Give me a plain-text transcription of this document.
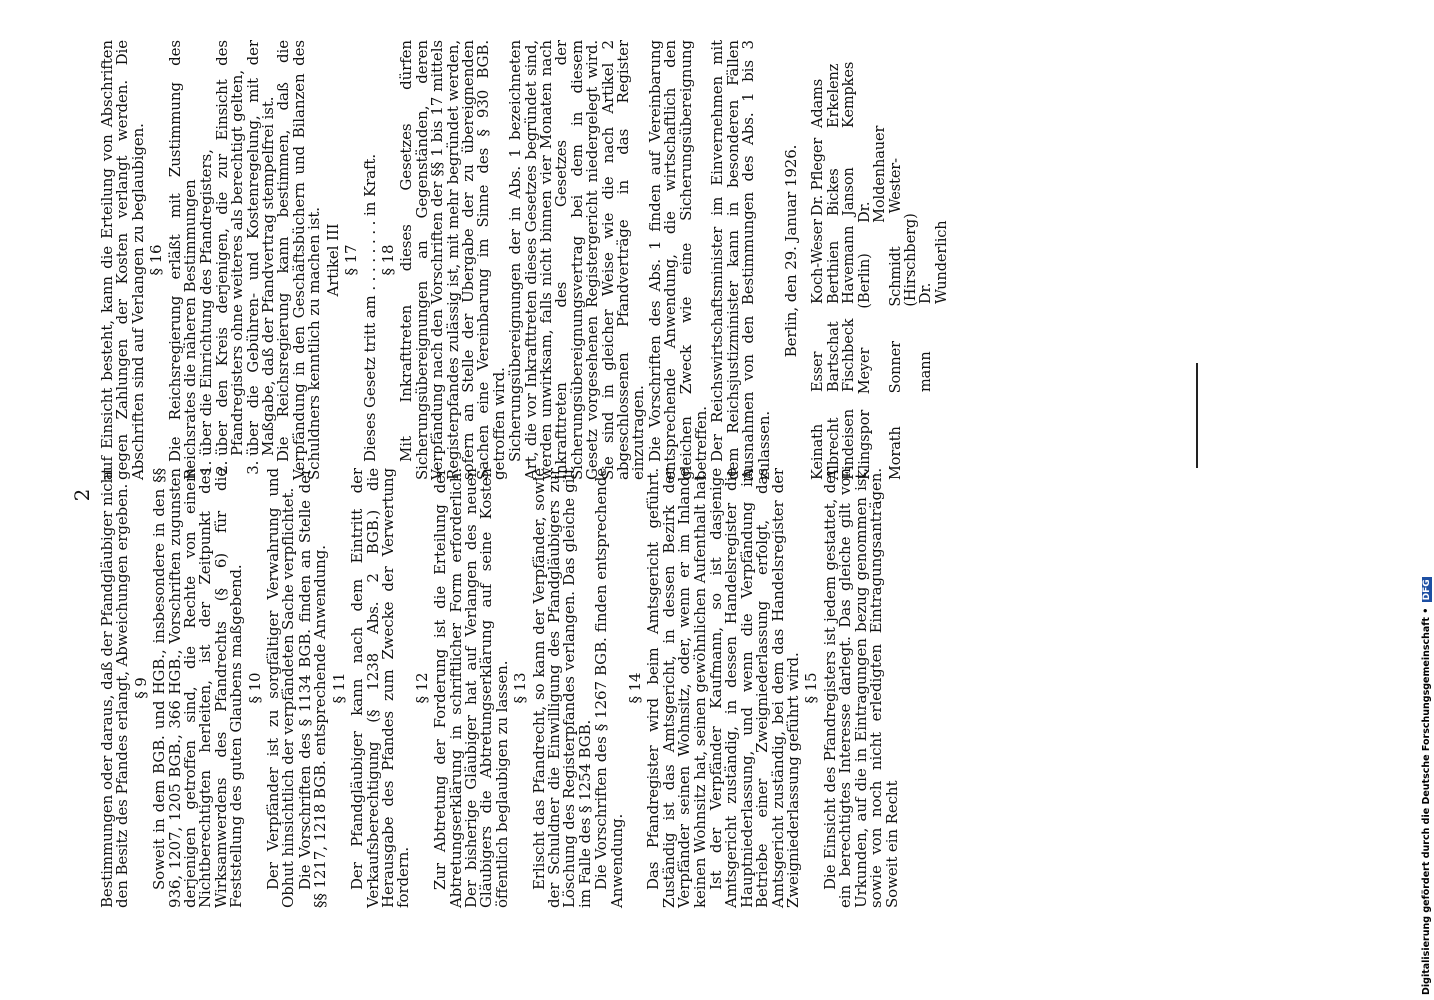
2 Bestimmungen oder daraus, daß der Pfandgläubiger nicht den Besitz des Pfandes erlangt, Abweichungen ergeben. § 9 Soweit in dem BGB. und HGB., insbesondere in den §§ 936, 1207, 1205 BGB., 366 HGB., Vorschriften zugunsten derjenigen getroffen sind, die Rechte von einem Nichtberechtigten herleiten, ist der Zeitpunkt des Wirksamwerdens des Pfandrechts (§ 6) für die Feststellung des guten Glaubens maßgebend. § 10 Der Verpfänder ist zu sorgfältiger Verwahrung und Obhut hinsichtlich der verpfändeten Sache verpflichtet.

Die Vorschriften des § 1134 BGB. finden an Stelle der §§ 1217, 1218 BGB. entsprechende Anwendung. § 11 Der Pfandgläubiger kann nach dem Eintritt der Verkaufsberechtigung (§ 1238 Abs. 2 BGB.) die Herausgabe des Pfandes zum Zwecke der Verwertung fordern.

§ 12 Zur Abtretung der Forderung ist die Erteilung der Abtretungserklärung in schriftlicher Form erforderlich. Der bisherige Gläubiger hat auf Verlangen des neuen Gläubigers die Abtretungserklärung auf seine Kosten öffentlich beglaubigen zu lassen. § 13 Erlischt das Pfandrecht, so kann der Verpfänder, sowie der Schuldner die Einwilligung des Pfandgläubigers zur Löschung des Registerpfandes verlangen. Das gleiche gilt im Falle des § 1254 BGB.

Die Vorschriften des § 1267 BGB. finden entsprechende Anwendung.

§ 14 Das Pfandregister wird beim Amtsgericht geführt. Zuständig ist das Amtsgericht, in dessen Bezirk der Verpfänder seinen Wohnsitz, oder, wenn er im Inlande keinen Wohnsitz hat, seinen gewöhnlichen Aufenthalt hat.

Ist der Verpfänder Kaufmann, so ist dasjenige Amtsgericht zuständig, in dessen Handelsregister die Hauptniederlassung, und wenn die Verpfändung im Betriebe einer Zweigniederlassung erfolgt, das Amtsgericht zuständig, bei dem das Handelsregister der Zweigniederlassung geführt wird. § 15 Die Einsicht des Pfandregisters ist jedem gestattet, der ein berechtigtes Interesse darlegt. Das gleiche gilt von Urkunden, auf die in Eintragungen bezug genommen ist, sowie von noch nicht erledigten Eintragungsanträgen. Soweit ein Recht

auf Einsicht besteht, kann die Erteilung von Abschriften gegen Zahlungen der Kosten verlangt werden. Die Abschriften sind auf Verlangen zu beglaubigen. § 16 Die Reichsregierung erläßt mit Zustimmung des Reichsrates die näheren Bestimmungen

1. über die Einrichtung des Pfandregisters,
2. über den Kreis derjenigen, die zur Einsicht des Pfandregisters ohne weiteres als berechtigt gelten,
3. über die Gebühren- und Kostenregelung, mit der Maßgabe, daß der Pfandvertrag stempelfrei ist.

Die Reichsregierung kann bestimmen, daß die Verpfändung in den Geschäftsbüchern und Bilanzen des Schuldners kenntlich zu machen ist. Artikel III § 17 Dieses Gesetz tritt am . . . . . . . . in Kraft. § 18 Mit Inkrafttreten dieses Gesetzes dürfen Sicherungsübereignungen an Gegenständen, deren Verpfändung nach den Vorschriften der §§ 1 bis 17 mittels Registerpfandes zulässig ist, mit mehr begründet werden, sofern an Stelle der Übergabe der zu übereignenden Sachen eine Vereinbarung im Sinne des § 930 BGB. getroffen wird.

Sicherungsübereignungen der in Abs. 1 bezeichneten Art, die vor Inkrafttreten dieses Gesetzes begründet sind, werden unwirksam, falls nicht binnen vier Monaten nach Inkrafttreten des Gesetzes der Sicherungsübereignungsvertrag bei dem in diesem Gesetz vorgesehenen Registergericht niedergelegt wird. Sie sind in gleicher Weise wie die nach Artikel 2 abgeschlossenen Pfandverträge in das Register einzutragen.

Die Vorschriften des Abs. 1 finden auf Vereinbarung entsprechende Anwendung, die wirtschaftlich den gleichen Zweck wie eine Sicherungsübereignung betreffen.

Der Reichswirtschaftsminister im Einvernehmen mit dem Reichsjustizminister kann in besonderen Fällen Ausnahmen von den Bestimmungen des Abs. 1 bis 3 zulassen.

Berlin, den 29. Januar 1926.

Keinath
Esser
Koch-Weser
Dr. Pfleger
Adams
Albrecht
Bartschat
Berthien
Bickes
Erkelenz
Findeisen
Fischbeck
Havemann
Janson
Kempkes
Klingspor
Meyer
(Berlin)
Dr. Moldenhauer
Morath
Sonner
Schmidt (Hirschberg)
Wester-
mann
Dr. Wunderlich
Digitalisierung gefördert durch die Deutsche Forschungsgemeinschaft • DFG
